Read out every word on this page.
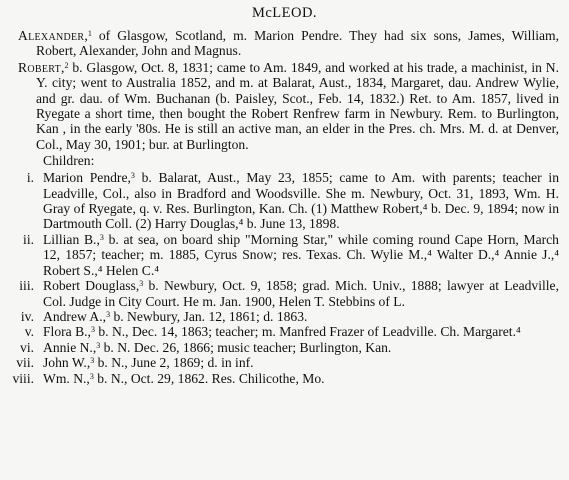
McLEOD.
Alexander,$^1$ of Glasgow, Scotland, m. Marion Pendre. They had six sons, James, William, Robert, Alexander, John and Magnus.
Robert,$^2$ b. Glasgow, Oct. 8, 1831; came to Am. 1849, and worked at his trade, a machinist, in N. Y. city; went to Australia 1852, and m. at Balarat, Aust., 1834, Margaret, dau. Andrew Wylie, and gr. dau. of Wm. Buchanan (b. Paisley, Scot., Feb. 14, 1832.) Ret. to Am. 1857, lived in Ryegate a short time, then bought the Robert Renfrew farm in Newbury. Rem. to Burlington, Kan , in the early '80s. He is still an active man, an elder in the Pres. ch. Mrs. M. d. at Denver, Col., May 30, 1901; bur. at Burlington.
Children:
i. Marion Pendre,$^3$ b. Balarat, Aust., May 23, 1855; came to Am. with parents; teacher in Leadville, Col., also in Bradford and Woodsville. She m. Newbury, Oct. 31, 1893, Wm. H. Gray of Ryegate, q. v. Res. Burlington, Kan. Ch. (1) Matthew Robert,⁴ b. Dec. 9, 1894; now in Dartmouth Coll. (2) Harry Douglas,⁴ b. June 13, 1898.
ii. Lillian B.,$^3$ b. at sea, on board ship "Morning Star," while coming round Cape Horn, March 12, 1857; teacher; m. 1885, Cyrus Snow; res. Texas. Ch. Wylie M.,⁴ Walter D.,⁴ Annie J.,⁴ Robert S.,⁴ Helen C.⁴
iii. Robert Douglass,$^3$ b. Newbury, Oct. 9, 1858; grad. Mich. Univ., 1888; lawyer at Leadville, Col. Judge in City Court. He m. Jan. 1900, Helen T. Stebbins of L.
iv. Andrew A.,$^3$ b. Newbury, Jan. 12, 1861; d. 1863.
v. Flora B.,$^3$ b. N., Dec. 14, 1863; teacher; m. Manfred Frazer of Leadville. Ch. Margaret.⁴
vi. Annie N.,$^3$ b. N. Dec. 26, 1866; music teacher; Burlington, Kan.
vii. John W.,$^3$ b. N., June 2, 1869; d. in inf.
viii. Wm. N.,$^3$ b. N., Oct. 29, 1862. Res. Chilicothe, Mo.
